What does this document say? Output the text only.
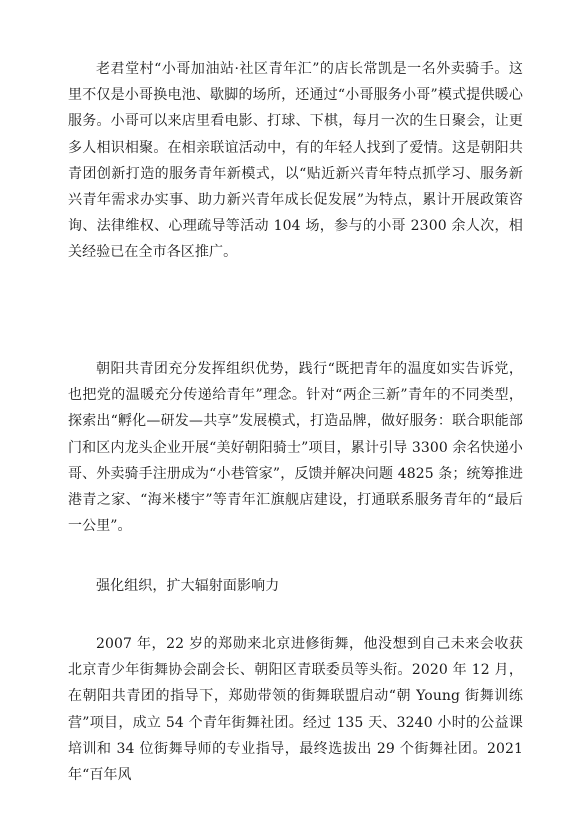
老君堂村“小哥加油站·社区青年汇”的店长常凯是一名外卖骑手。这里不仅是小哥换电池、歇脚的场所，还通过“小哥服务小哥”模式提供暖心服务。小哥可以来店里看电影、打球、下棋，每月一次的生日聚会，让更多人相识相聚。在相亲联谊活动中，有的年轻人找到了爱情。这是朝阳共青团创新打造的服务青年新模式，以“贴近新兴青年特点抓学习、服务新兴青年需求办实事、助力新兴青年成长促发展”为特点，累计开展政策咨询、法律维权、心理疏导等活动 104 场，参与的小哥 2300 余人次，相关经验已在全市各区推广。

朝阳共青团充分发挥组织优势，践行“既把青年的温度如实告诉党，也把党的温暖充分传递给青年”理念。针对“两企三新”青年的不同类型，探索出“孵化—研发—共享”发展模式，打造品牌，做好服务：联合职能部门和区内龙头企业开展“美好朝阳骑士”项目，累计引导 3300 余名快递小哥、外卖骑手注册成为“小巷管家”，反馈并解决问题 4825 条；统筹推进港青之家、“海米楼宇”等青年汇旗舰店建设，打通联系服务青年的“最后一公里”。

强化组织，扩大辐射面影响力

2007 年，22 岁的郑勋来北京进修街舞，他没想到自己未来会收获北京青少年街舞协会副会长、朝阳区青联委员等头衔。2020 年 12 月，在朝阳共青团的指导下，郑勋带领的街舞联盟启动“朝 Young 街舞训练营”项目，成立 54 个青年街舞社团。经过 135 天、3240 小时的公益课培训和 34 位街舞导师的专业指导，最终选拔出 29 个街舞社团。2021 年“百年风
